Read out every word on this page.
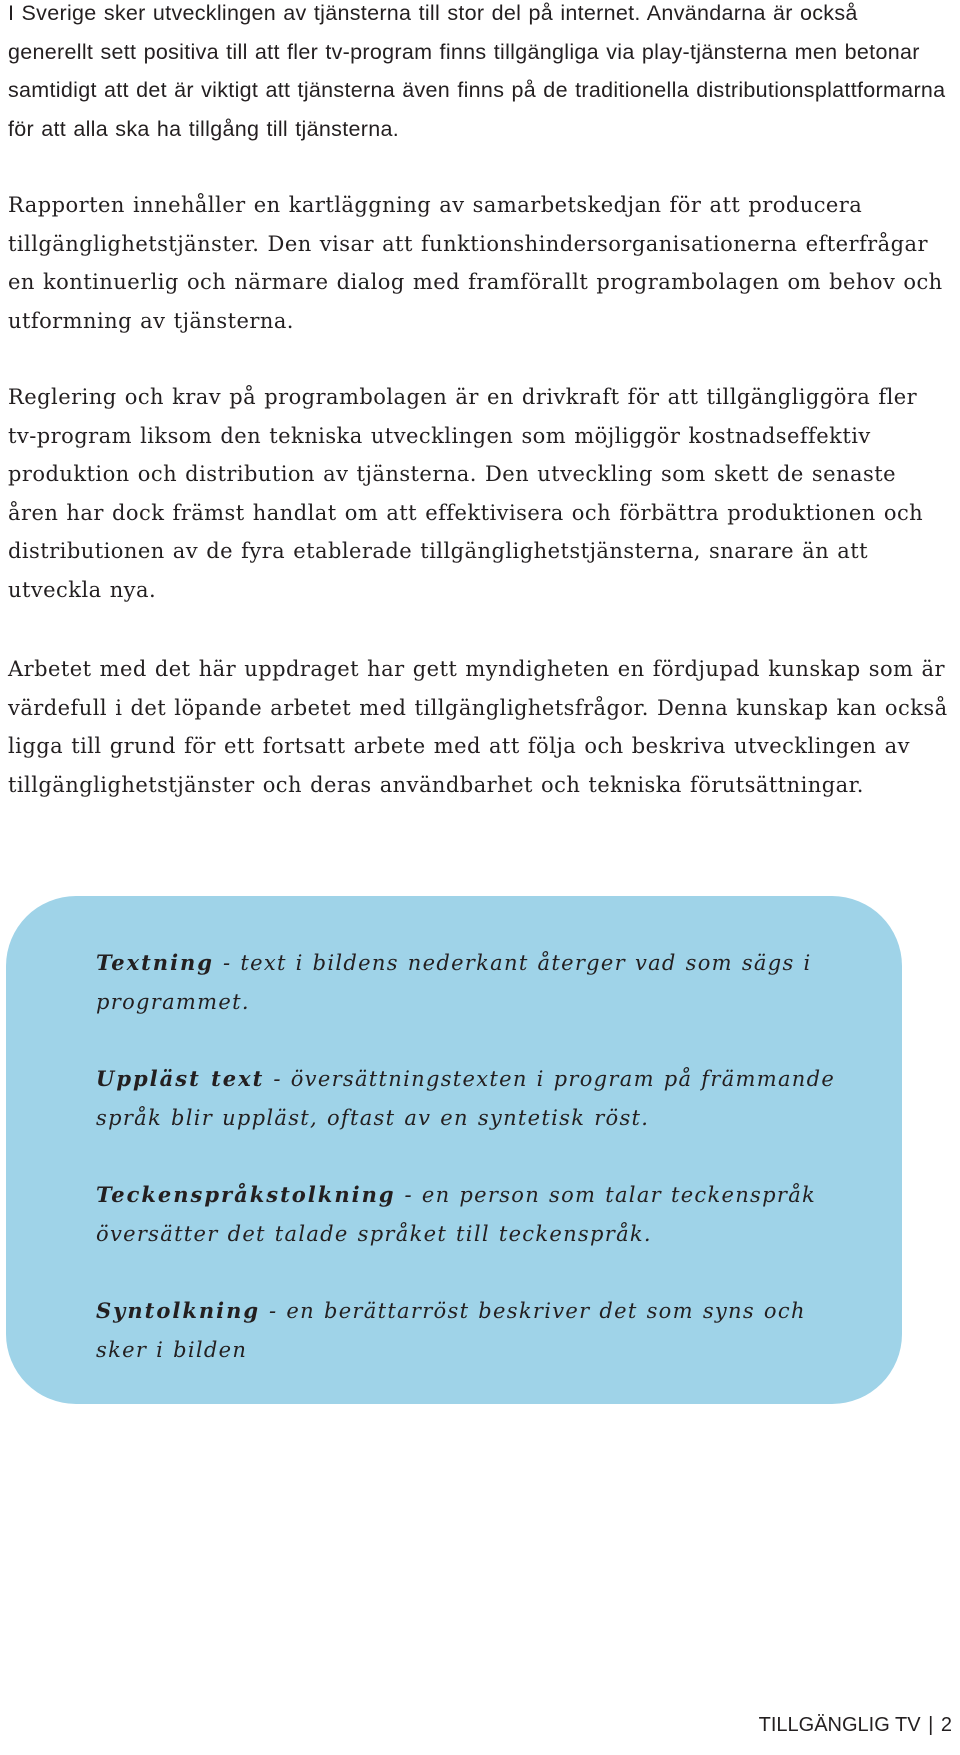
I Sverige sker utvecklingen av tjänsterna till stor del på internet. Användarna är också generellt sett positiva till att fler tv-program finns tillgängliga via play-tjänsterna men betonar samtidigt att det är viktigt att tjänsterna även finns på de traditionella distributionsplattformarna för att alla ska ha tillgång till tjänsterna.

Rapporten innehåller en kartläggning av samarbetskedjan för att producera tillgänglighetstjänster. Den visar att funktionshindersorganisationerna efterfrågar en kontinuerlig och närmare dialog med framförallt programbolagen om behov och utformning av tjänsterna.

Reglering och krav på programbolagen är en drivkraft för att tillgängliggöra fler tv-program liksom den tekniska utvecklingen som möjliggör kostnadseffektiv produktion och distribution av tjänsterna. Den utveckling som skett de senaste åren har dock främst handlat om att effektivisera och förbättra produktionen och distributionen av de fyra etablerade tillgänglighetstjänsterna, snarare än att utveckla nya.

Arbetet med det här uppdraget har gett myndigheten en fördjupad kunskap som är värdefull i det löpande arbetet med tillgänglighetsfrågor. Denna kunskap kan också ligga till grund för ett fortsatt arbete med att följa och beskriva utvecklingen av tillgänglighetstjänster och deras användbarhet och tekniska förutsättningar.

Textning - text i bildens nederkant återger vad som sägs i programmet.

Uppläst text - översättningstexten i program på främmande språk blir uppläst, oftast av en syntetisk röst.

Teckenspråkstolkning - en person som talar teckenspråk översätter det talade språket till teckenspråk.

Syntolkning - en berättarröst beskriver det som syns och sker i bilden

TILLGÄNGLIG TV | 2
